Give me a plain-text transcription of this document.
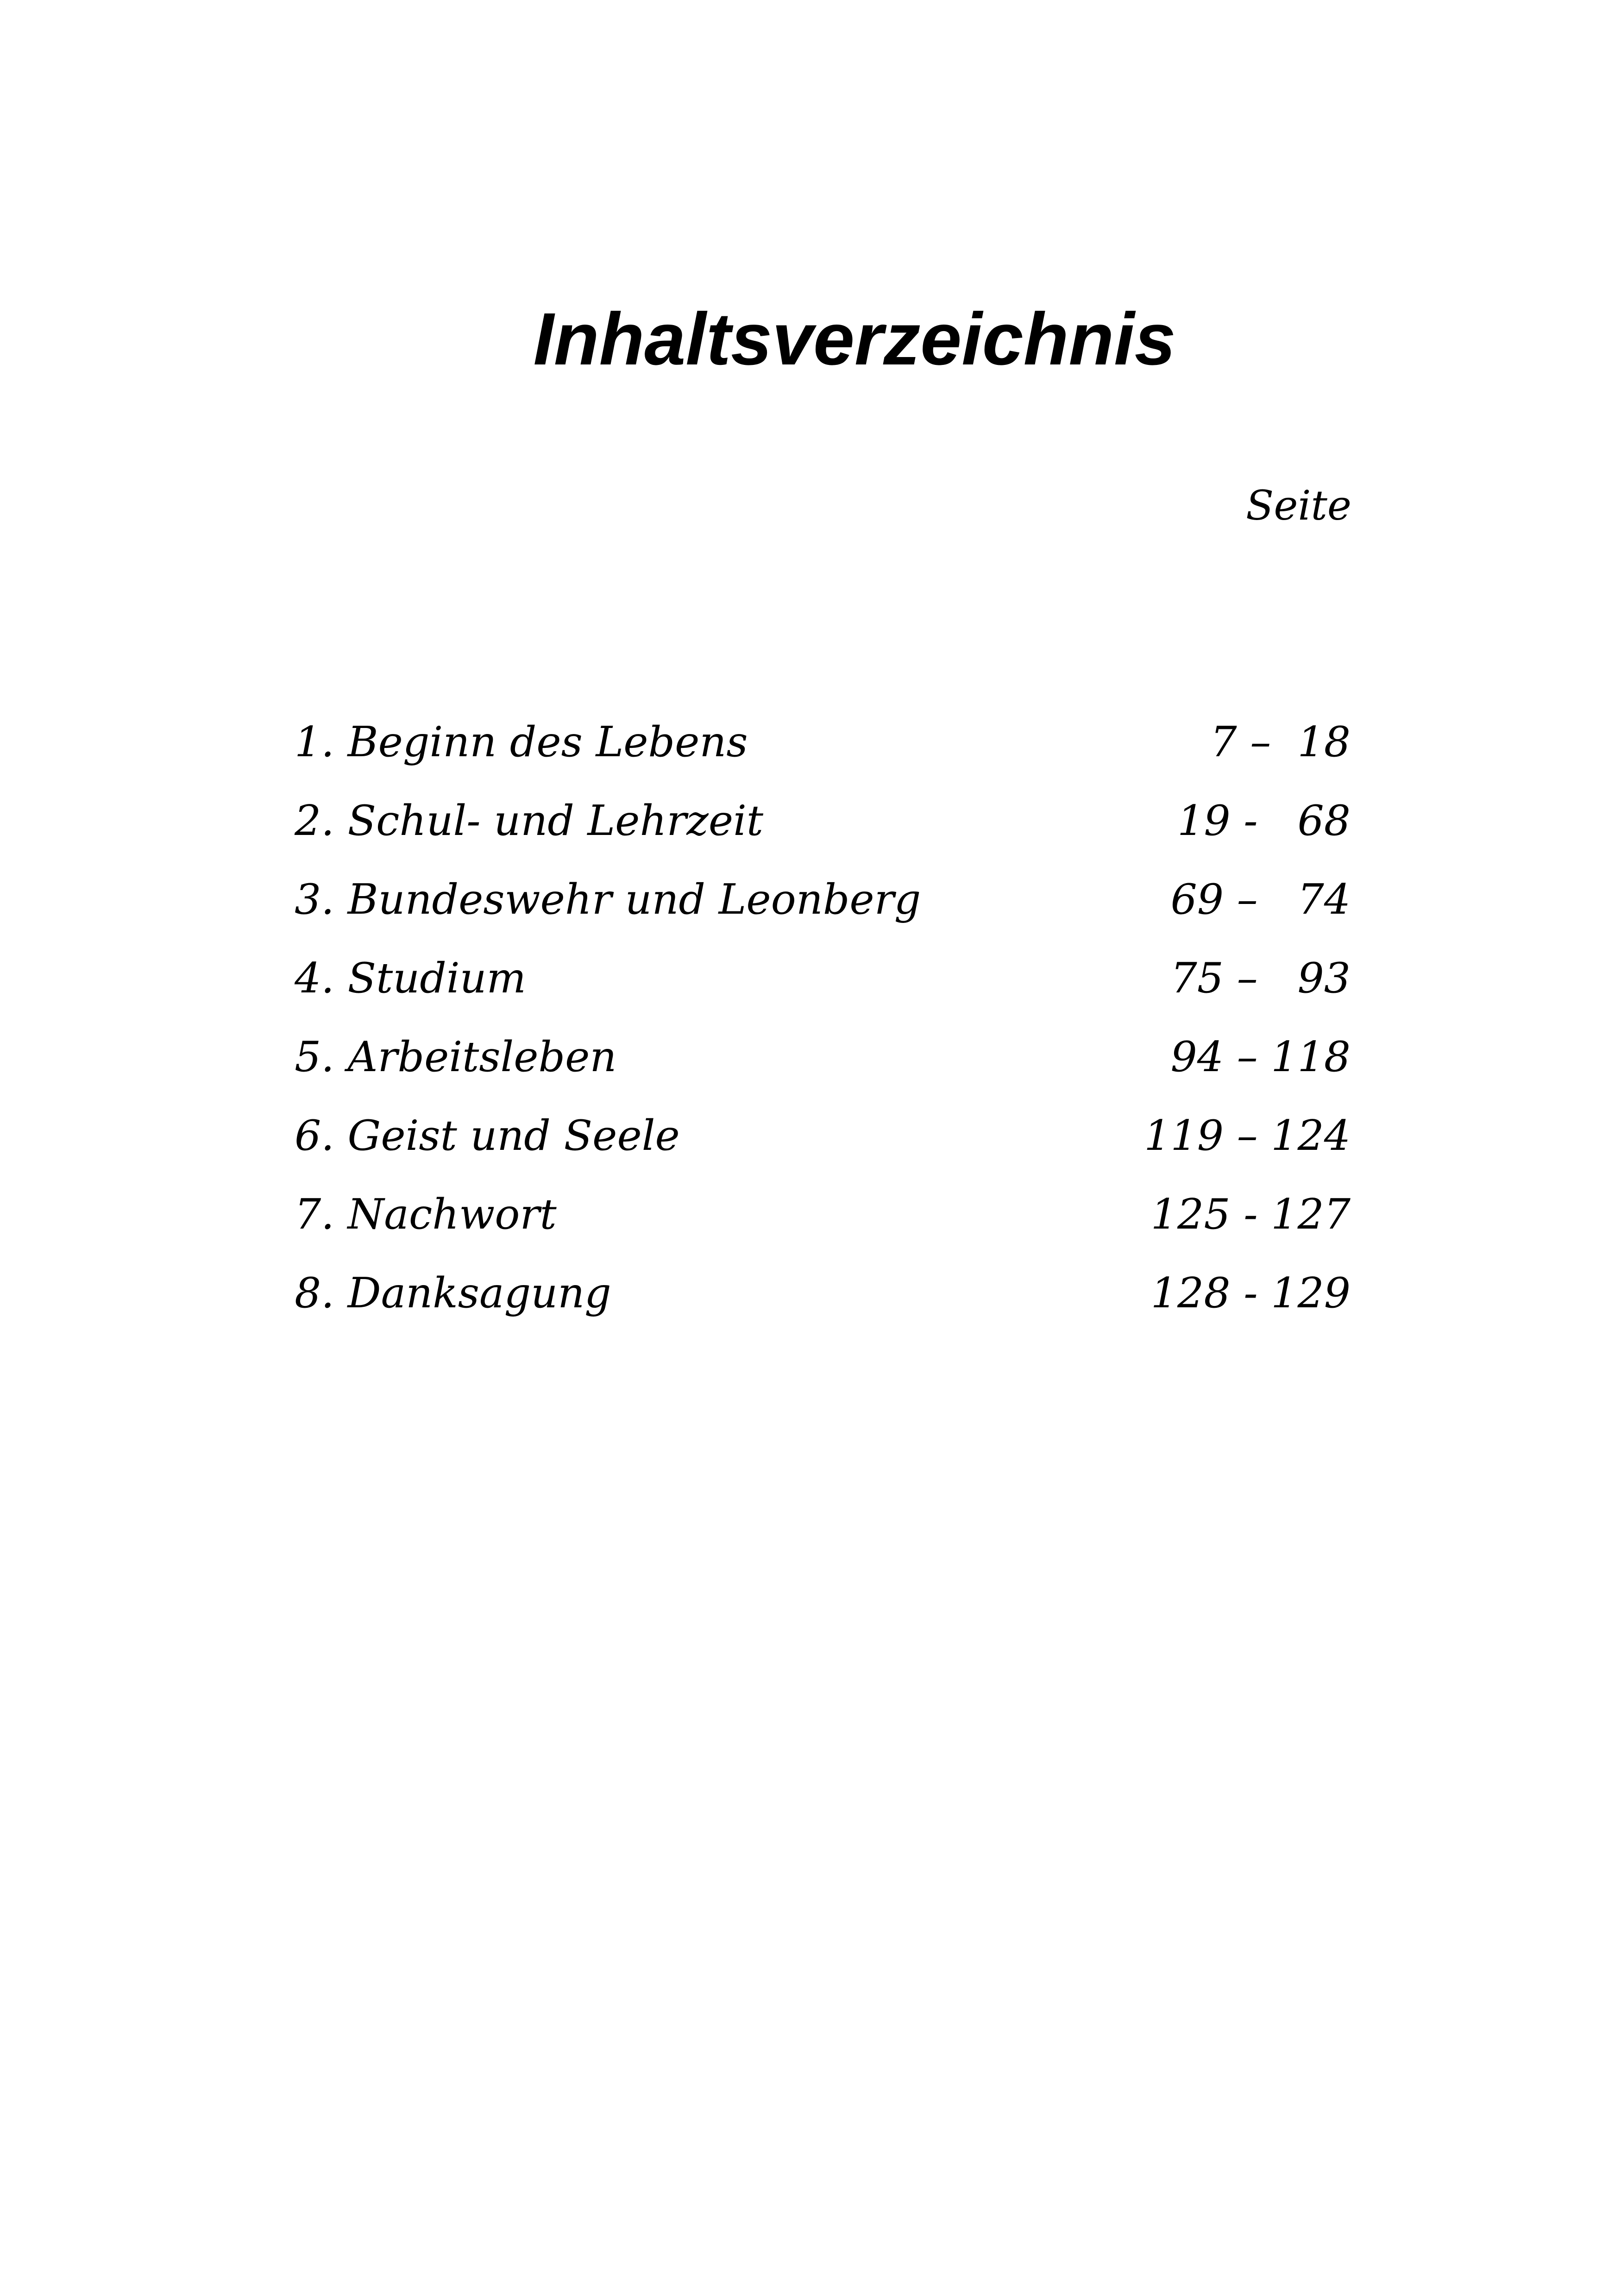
Inhaltsverzeichnis
Seite
1. Beginn des Lebens	7 –  18
2. Schul- und Lehrzeit	19 -   68
3. Bundeswehr und Leonberg	69 –   74
4. Studium	75 –   93
5. Arbeitsleben	94 – 118
6. Geist und Seele	119 – 124
7. Nachwort	125 - 127
8. Danksagung	128 - 129
